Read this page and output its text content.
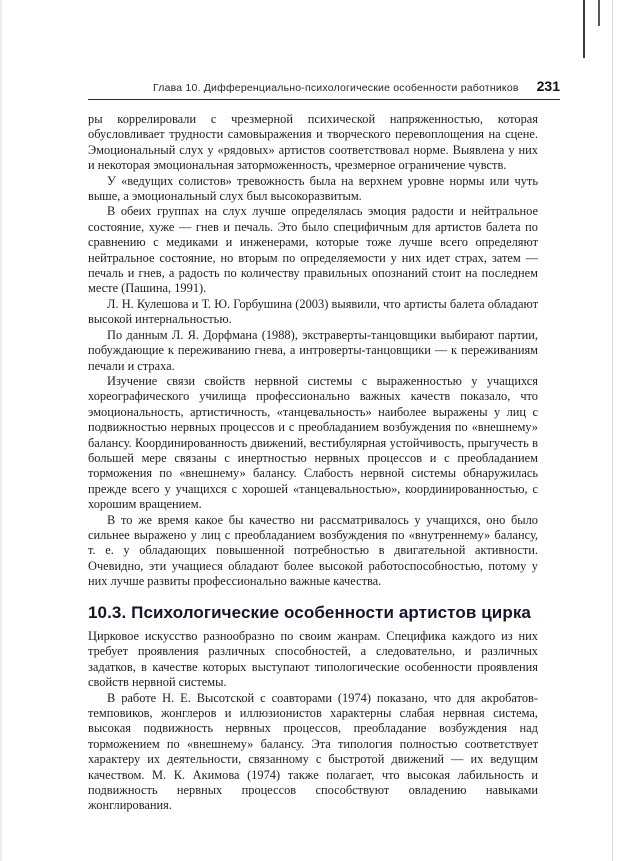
Глава 10. Дифференциально-психологические особенности работников 231

ры коррелировали с чрезмерной психической напряженностью, которая обусловливает трудности самовыражения и творческого перевоплощения на сцене. Эмоциональный слух у «рядовых» артистов соответствовал норме. Выявлена у них и некоторая эмоциональная заторможенность, чрезмерное ограничение чувств.

У «ведущих солистов» тревожность была на верхнем уровне нормы или чуть выше, а эмоциональный слух был высокоразвитым.

В обеих группах на слух лучше определялась эмоция радости и нейтральное состояние, хуже — гнев и печаль. Это было специфичным для артистов балета по сравнению с медиками и инженерами, которые тоже лучше всего определяют нейтральное состояние, но вторым по определяемости у них идет страх, затем — печаль и гнев, а радость по количеству правильных опознаний стоит на последнем месте (Пашина, 1991).

Л. Н. Кулешова и Т. Ю. Горбушина (2003) выявили, что артисты балета обладают высокой интернальностью.

По данным Л. Я. Дорфмана (1988), экстраверты-танцовщики выбирают партии, побуждающие к переживанию гнева, а интроверты-танцовщики — к переживаниям печали и страха.

Изучение связи свойств нервной системы с выраженностью у учащихся хореографического училища профессионально важных качеств показало, что эмоциональность, артистичность, «танцевальность» наиболее выражены у лиц с подвижностью нервных процессов и с преобладанием возбуждения по «внешнему» балансу. Координированность движений, вестибулярная устойчивость, прыгучесть в большей мере связаны с инертностью нервных процессов и с преобладанием торможения по «внешнему» балансу. Слабость нервной системы обнаружилась прежде всего у учащихся с хорошей «танцевальностью», координированностью, с хорошим вращением.

В то же время какое бы качество ни рассматривалось у учащихся, оно было сильнее выражено у лиц с преобладанием возбуждения по «внутреннему» балансу, т. е. у обладающих повышенной потребностью в двигательной активности. Очевидно, эти учащиеся обладают более высокой работоспособностью, потому у них лучше развиты профессионально важные качества.

10.3. Психологические особенности артистов цирка

Цирковое искусство разнообразно по своим жанрам. Специфика каждого из них требует проявления различных способностей, а следовательно, и различных задатков, в качестве которых выступают типологические особенности проявления свойств нервной системы.

В работе Н. Е. Высотской с соавторами (1974) показано, что для акробатов-темповиков, жонглеров и иллюзионистов характерны слабая нервная система, высокая подвижность нервных процессов, преобладание возбуждения над торможением по «внешнему» балансу. Эта типология полностью соответствует характеру их деятельности, связанному с быстротой движений — их ведущим качеством. М. К. Акимова (1974) также полагает, что высокая лабильность и подвижность нервных процессов способствуют овладению навыками жонглирования.
